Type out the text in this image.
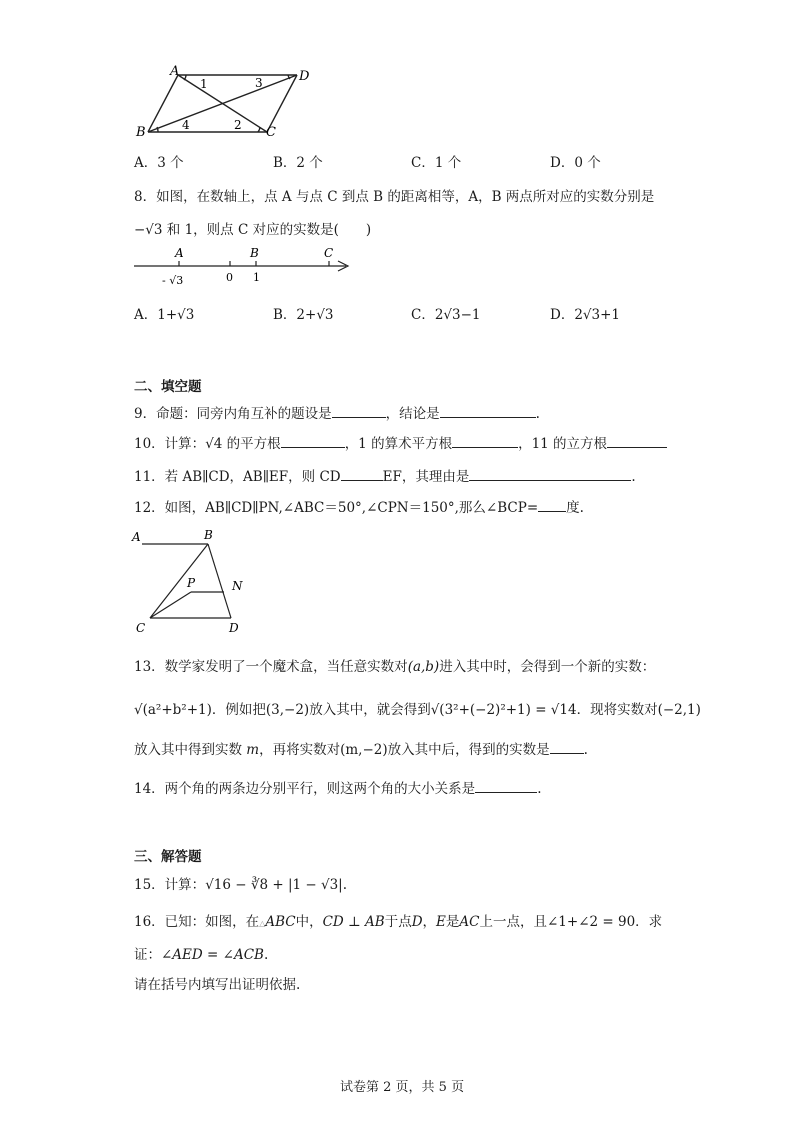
A	D
B	C
1	3
4	2
A．3 个	B．2 个	C．1 个	D．0 个
8．如图，在数轴上，点 A 与点 C 到点 B 的距离相等，A，B 两点所对应的实数分别是
−√3 和 1，则点 C 对应的实数是(　　)
A	B	C
0 1
- √3
A．1+√3	B．2+√3	C．2√3−1	D．2√3+1
二、填空题
9．命题：同旁内角互补的题设是	，结论是	.
10．计算：√4 的平方根	，1 的算术平方根	，11 的立方根
11．若 AB∥CD，AB∥EF，则 CD	EF，其理由是	.
12．如图，AB∥CD∥PN,∠ABC＝50°,∠CPN＝150°,那么∠BCP= 度.
A	B
P	N
C	D
13．数学家发明了一个魔术盒，当任意实数对(a,b)进入其中时，会得到一个新的实数：
√(a²+b²+1)．例如把(3,−2)放入其中，就会得到√(3²+(−2)²+1) = √14．现将实数对(−2,1)
放入其中得到实数 m，再将实数对(m,−2)放入其中后，得到的实数是	.
14．两个角的两条边分别平行，则这两个角的大小关系是	.
三、解答题
15．计算：√16 − ∛8 + |1 − √3|.
16．已知：如图，在△ABC中，CD ⊥ AB于点D，E是AC上一点，且∠1+∠2 = 90．求
证：∠AED = ∠ACB.
请在括号内填写出证明依据.
试卷第 2 页，共 5 页
